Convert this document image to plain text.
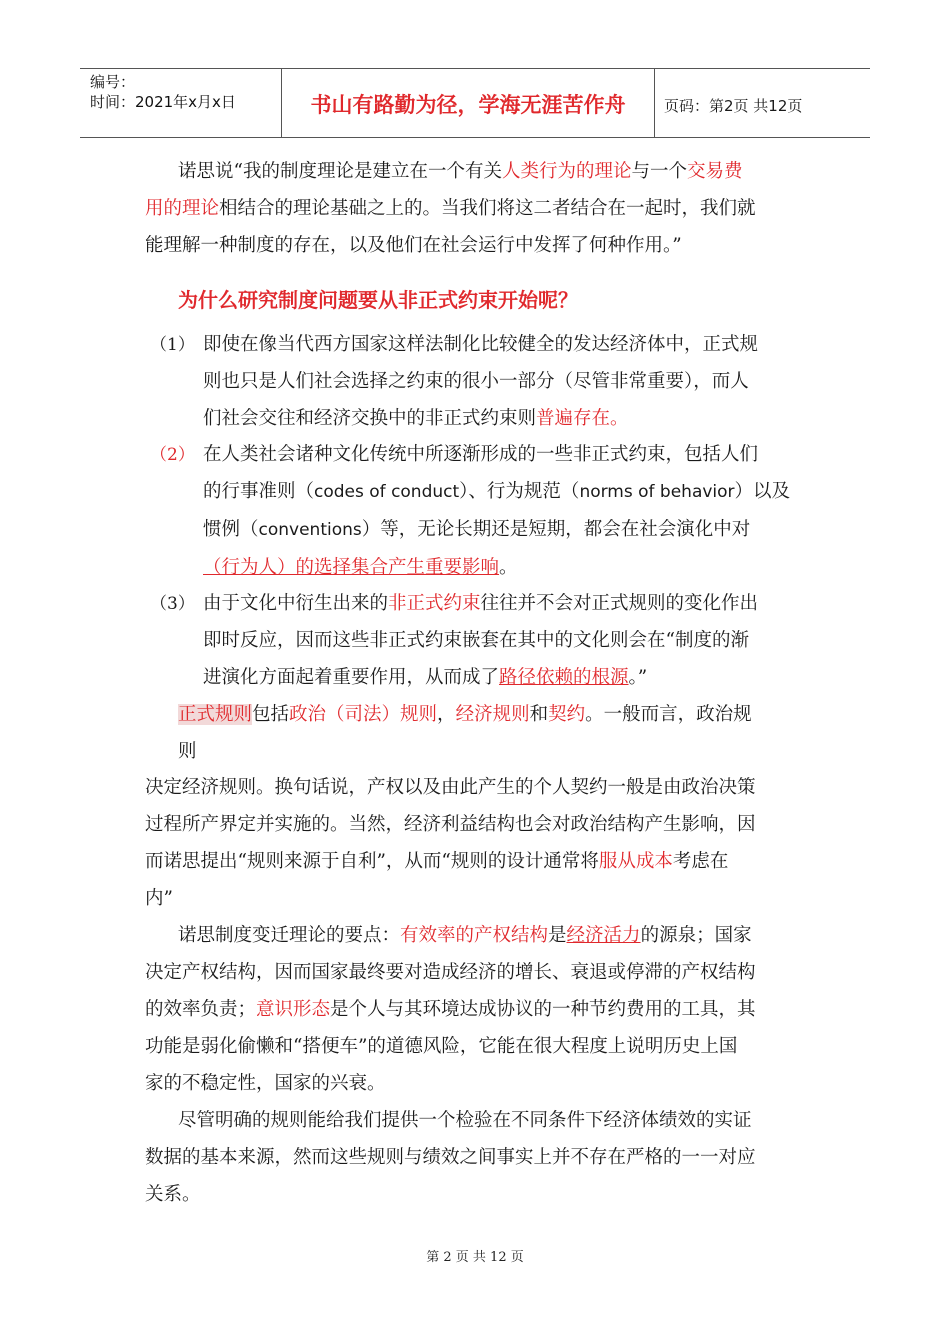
编号：
时间：2021年x月x日	书山有路勤为径，学海无涯苦作舟	页码：第2页 共12页
诺思说“我的制度理论是建立在一个有关人类行为的理论与一个交易费
用的理论相结合的理论基础之上的。当我们将这二者结合在一起时，我们就
能理解一种制度的存在，以及他们在社会运行中发挥了何种作用。”
为什么研究制度问题要从非正式约束开始呢？
（1） 即使在像当代西方国家这样法制化比较健全的发达经济体中，正式规
则也只是人们社会选择之约束的很小一部分（尽管非常重要），而人
们社会交往和经济交换中的非正式约束则普遍存在。
（2） 在人类社会诸种文化传统中所逐渐形成的一些非正式约束，包括人们
的行事准则（codes of conduct）、行为规范（norms of behavior）以及
惯例（conventions）等，无论长期还是短期，都会在社会演化中对
（行为人）的选择集合产生重要影响。
（3） 由于文化中衍生出来的非正式约束往往并不会对正式规则的变化作出
即时反应，因而这些非正式约束嵌套在其中的文化则会在“制度的渐
进演化方面起着重要作用，从而成了路径依赖的根源。”
正式规则包括政治（司法）规则，经济规则和契约。一般而言，政治规
则
决定经济规则。换句话说，产权以及由此产生的个人契约一般是由政治决策
过程所产界定并实施的。当然，经济利益结构也会对政治结构产生影响，因
而诺思提出“规则来源于自利”，从而“规则的设计通常将服从成本考虑在
内”
诺思制度变迁理论的要点：有效率的产权结构是经济活力的源泉；国家
决定产权结构，因而国家最终要对造成经济的增长、衰退或停滞的产权结构
的效率负责；意识形态是个人与其环境达成协议的一种节约费用的工具，其
功能是弱化偷懒和“搭便车”的道德风险，它能在很大程度上说明历史上国
家的不稳定性，国家的兴衰。
尽管明确的规则能给我们提供一个检验在不同条件下经济体绩效的实证
数据的基本来源，然而这些规则与绩效之间事实上并不存在严格的一一对应
关系。
第 2 页 共 12 页
